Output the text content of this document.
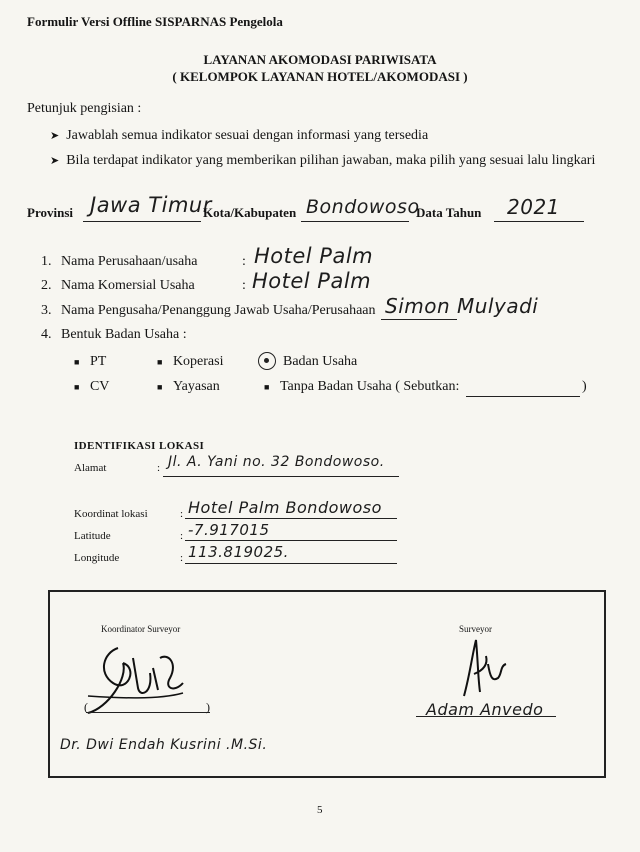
Formulir Versi Offline SISPARNAS Pengelola
LAYANAN AKOMODASI PARIWISATA
( KELOMPOK LAYANAN HOTEL/AKOMODASI )
Petunjuk pengisian :
➤ Jawablah semua indikator sesuai dengan informasi yang tersedia
➤ Bila terdapat indikator yang memberikan pilihan jawaban, maka pilih yang sesuai lalu lingkari
Provinsi Jawa Timur
Kota/Kabupaten Bondowoso
Data Tahun 2021
1. Nama Perusahaan/usaha	: Hotel Palm
2. Nama Komersial Usaha	: Hotel Palm
3. Nama Pengusaha/Penanggung Jawab Usaha/Perusahaan Simon Mulyadi
4. Bentuk Badan Usaha :
■ PT	■ Koperasi	Badan Usaha
■ CV	■ Yayasan	■ Tanpa Badan Usaha ( Sebutkan:	)
IDENTIFIKASI LOKASI
Alamat	: Jl. A. Yani no. 32 Bondowoso.
Koordinat lokasi	: Hotel Palm Bondowoso
Latitude	: -7.917015
Longitude	: 113.819025.
Koordinator Surveyor	Surveyor
(	)
Dr. Dwi Endah Kusrini .M.Si.
Adam Anvedo
5
